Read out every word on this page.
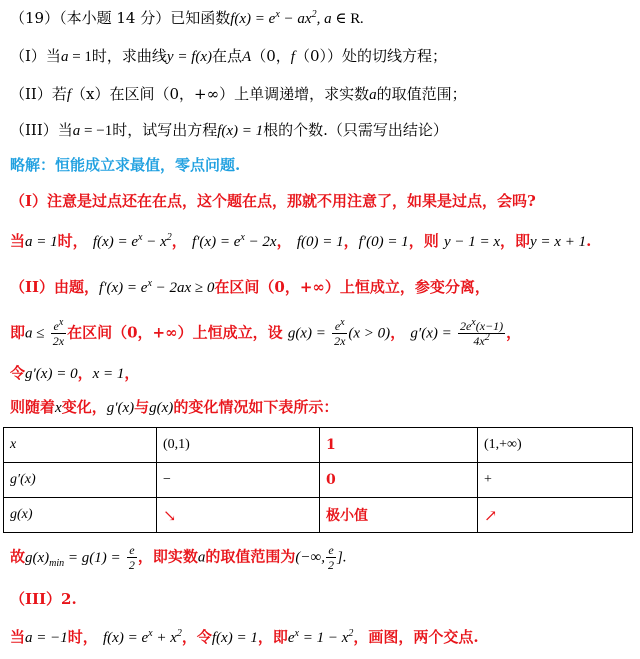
（19）（本小题 14 分）已知函数$f(x) = e^x - ax^2$, a ∈ R.
（I）当a = 1时，求曲线y = f(x)在点A（0，f（0））处的切线方程；
（II）若f（x）在区间（0，+∞）上单调递增，求实数a的取值范围；
（III）当a = −1时，试写出方程f(x) = 1根的个数.（只需写出结论）
略解：恒能成立求最值，零点问题.
（I）注意是过点还在在点，这个题在点，那就不用注意了，如果是过点，会吗?
当a = 1时， $f(x) = e^x - x^2$， $f'(x) = e^x - 2x$， f(0) = 1，f′(0) = 1，则 y − 1 = x，即y = x + 1.
（II）由题，$f'(x) = e^x - 2ax \ge 0$在区间（0，+∞）上恒成立，参变分离，
即$a \le \frac{e^x}{2x}$ 在区间（0，+∞）上恒成立，设 $g(x) = \frac{e^x}{2x} (x > 0)$， $g'(x) = \frac{2e^x(x-1)}{4x^2}$ ，
令g′(x) = 0，x = 1，
则随着x变化，g′(x)与g(x)的变化情况如下表所示：
x	(0,1)	1	(1,+∞)
g′(x)	−	0	+
g(x)	↘	极小值	↗
故$g(x)_{min} = g(1) = \frac{e}{2}$ ，即实数a的取值范围为(−∞, $\frac{e}{2}$ ].
（III）2.
当a = −1时， $f(x) = e^x + x^2$，令f(x) = 1，即$e^x = 1 - x^2$，画图，两个交点.
